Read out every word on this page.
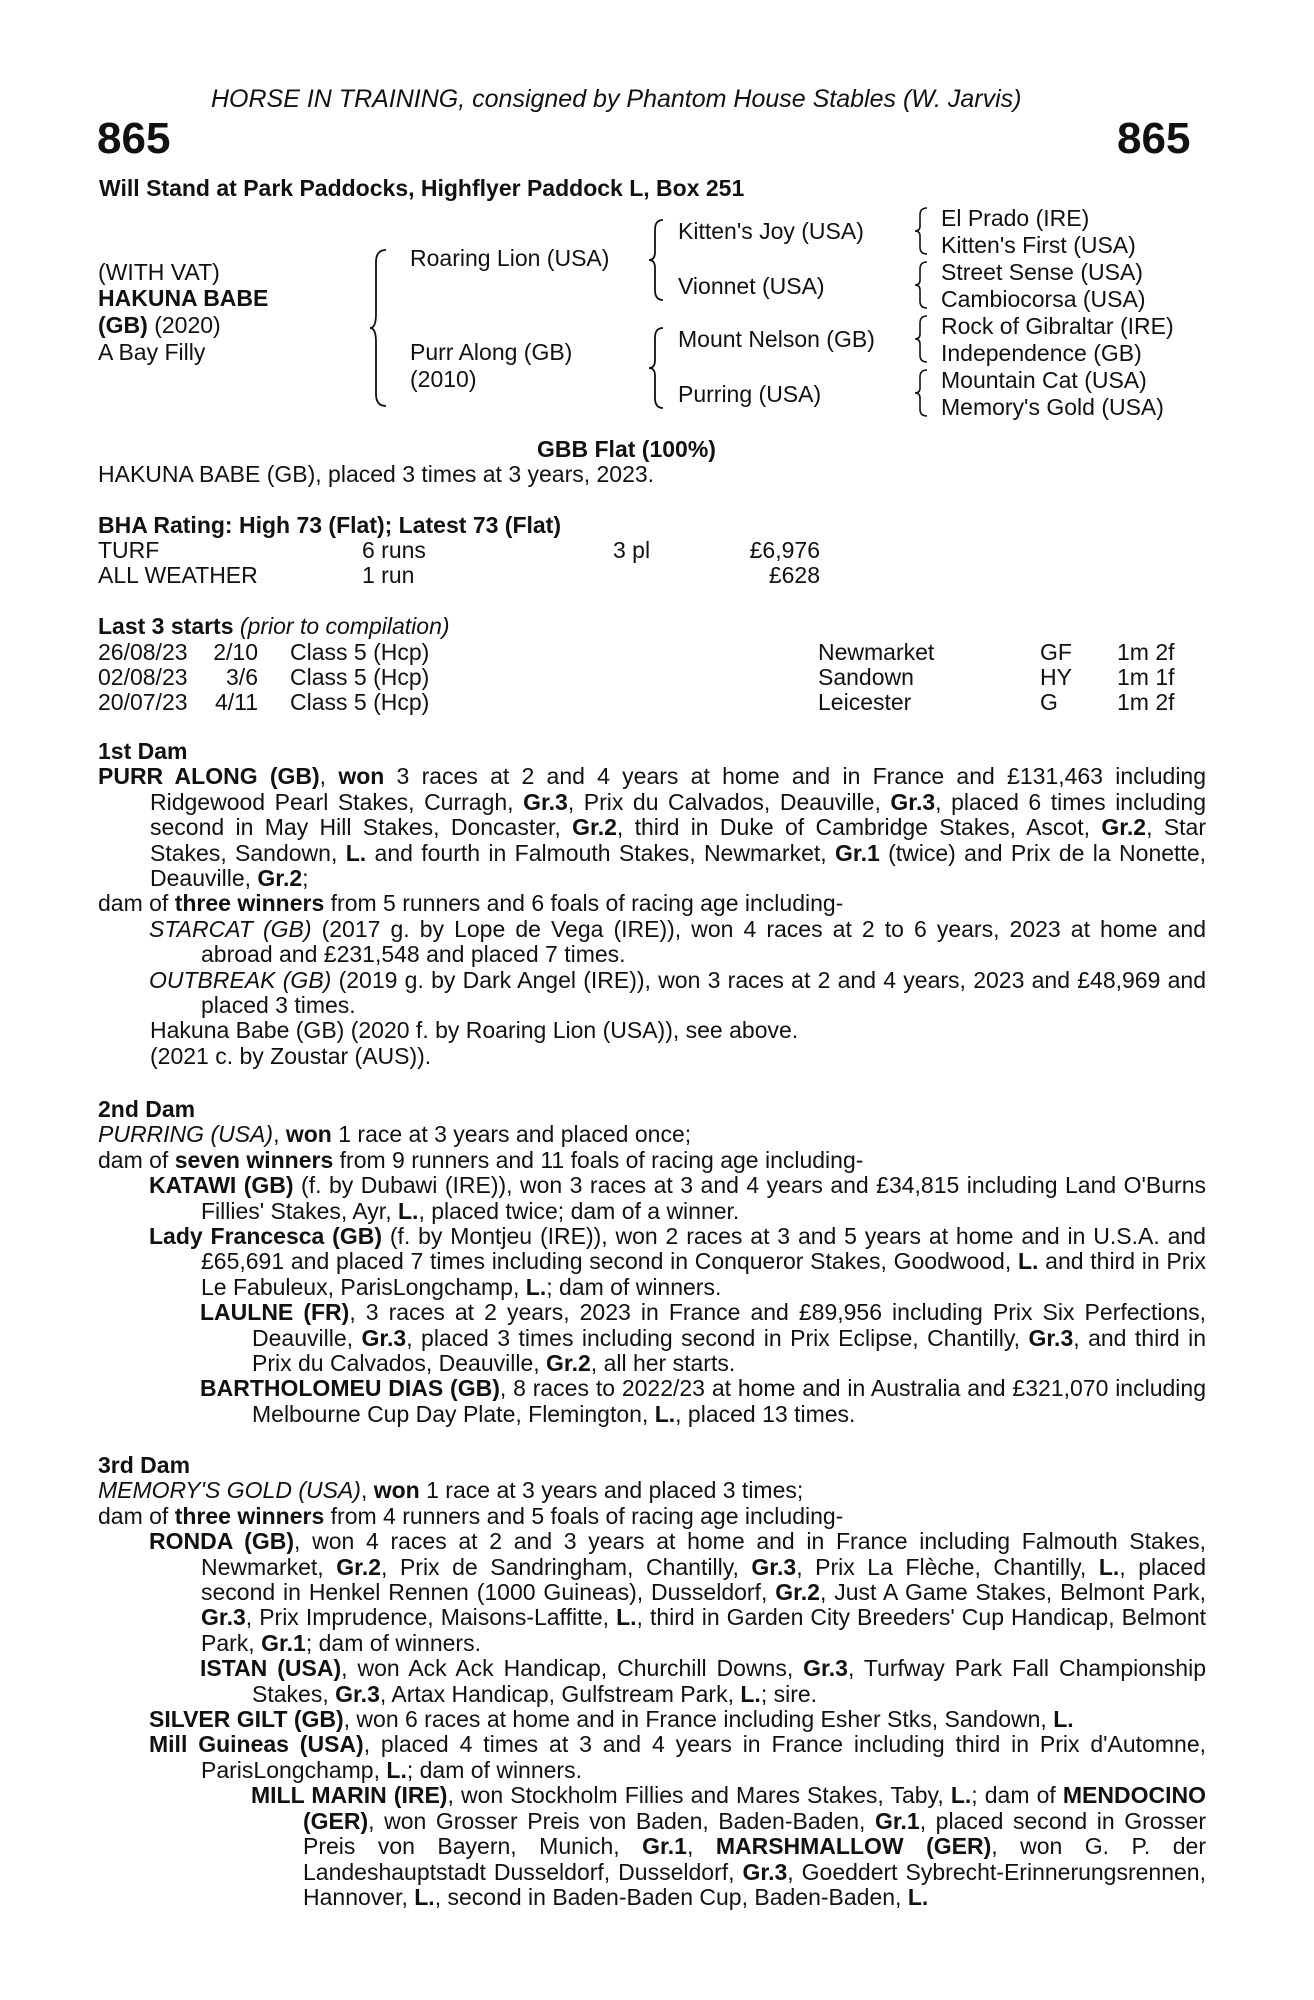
HORSE IN TRAINING, consigned by Phantom House Stables (W. Jarvis)
865	865
Will Stand at Park Paddocks, Highflyer Paddock L, Box 251
(WITH VAT)
HAKUNA BABE
(GB) (2020)
A Bay Filly
Roaring Lion (USA)
Purr Along (GB)
(2010)
Kitten's Joy (USA)
Vionnet (USA)
Mount Nelson (GB)
Purring (USA)
El Prado (IRE)
Kitten's First (USA)
Street Sense (USA)
Cambiocorsa (USA)
Rock of Gibraltar (IRE)
Independence (GB)
Mountain Cat (USA)
Memory's Gold (USA)
GBB Flat (100%)
HAKUNA BABE (GB), placed 3 times at 3 years, 2023.
BHA Rating: High 73 (Flat); Latest 73 (Flat)
TURF	6 runs	3 pl	£6,976
ALL WEATHER	1 run	£628
Last 3 starts (prior to compilation)
26/08/23	2/10 Class 5 (Hcp)	Newmarket	GF 1m 2f
02/08/23	3/6 Class 5 (Hcp)	Sandown	HY 1m 1f
20/07/23	4/11 Class 5 (Hcp)	Leicester	G	1m 2f

1st Dam

PURR ALONG (GB), won 3 races at 2 and 4 years at home and in France and £131,463 including Ridgewood Pearl Stakes, Curragh, Gr.3, Prix du Calvados, Deauville, Gr.3, placed 6 times including second in May Hill Stakes, Doncaster, Gr.2, third in Duke of Cambridge Stakes, Ascot, Gr.2, Star Stakes, Sandown, L. and fourth in Falmouth Stakes, Newmarket, Gr.1 (twice) and Prix de la Nonette, Deauville, Gr.2;

dam of three winners from 5 runners and 6 foals of racing age including-

STARCAT (GB) (2017 g. by Lope de Vega (IRE)), won 4 races at 2 to 6 years, 2023 at home and abroad and £231,548 and placed 7 times.

OUTBREAK (GB) (2019 g. by Dark Angel (IRE)), won 3 races at 2 and 4 years, 2023 and £48,969 and placed 3 times.

Hakuna Babe (GB) (2020 f. by Roaring Lion (USA)), see above.

(2021 c. by Zoustar (AUS)).

2nd Dam

PURRING (USA), won 1 race at 3 years and placed once;

dam of seven winners from 9 runners and 11 foals of racing age including-

KATAWI (GB) (f. by Dubawi (IRE)), won 3 races at 3 and 4 years and £34,815 including Land O'Burns Fillies' Stakes, Ayr, L., placed twice; dam of a winner.

Lady Francesca (GB) (f. by Montjeu (IRE)), won 2 races at 3 and 5 years at home and in U.S.A. and £65,691 and placed 7 times including second in Conqueror Stakes, Goodwood, L. and third in Prix Le Fabuleux, ParisLongchamp, L.; dam of winners.

LAULNE (FR), 3 races at 2 years, 2023 in France and £89,956 including Prix Six Perfections, Deauville, Gr.3, placed 3 times including second in Prix Eclipse, Chantilly, Gr.3, and third in Prix du Calvados, Deauville, Gr.2, all her starts.

BARTHOLOMEU DIAS (GB), 8 races to 2022/23 at home and in Australia and £321,070 including Melbourne Cup Day Plate, Flemington, L., placed 13 times.

3rd Dam

MEMORY'S GOLD (USA), won 1 race at 3 years and placed 3 times;

dam of three winners from 4 runners and 5 foals of racing age including-

RONDA (GB), won 4 races at 2 and 3 years at home and in France including Falmouth Stakes, Newmarket, Gr.2, Prix de Sandringham, Chantilly, Gr.3, Prix La Flèche, Chantilly, L., placed second in Henkel Rennen (1000 Guineas), Dusseldorf, Gr.2, Just A Game Stakes, Belmont Park, Gr.3, Prix Imprudence, Maisons-Laffitte, L., third in Garden City Breeders' Cup Handicap, Belmont Park, Gr.1; dam of winners.

ISTAN (USA), won Ack Ack Handicap, Churchill Downs, Gr.3, Turfway Park Fall Championship Stakes, Gr.3, Artax Handicap, Gulfstream Park, L.; sire.

SILVER GILT (GB), won 6 races at home and in France including Esher Stks, Sandown, L.

Mill Guineas (USA), placed 4 times at 3 and 4 years in France including third in Prix d'Automne, ParisLongchamp, L.; dam of winners.

MILL MARIN (IRE), won Stockholm Fillies and Mares Stakes, Taby, L.; dam of MENDOCINO (GER), won Grosser Preis von Baden, Baden-Baden, Gr.1, placed second in Grosser Preis von Bayern, Munich, Gr.1, MARSHMALLOW (GER), won G. P. der Landeshauptstadt Dusseldorf, Dusseldorf, Gr.3, Goeddert Sybrecht-Erinnerungsrennen, Hannover, L., second in Baden-Baden Cup, Baden-Baden, L.
